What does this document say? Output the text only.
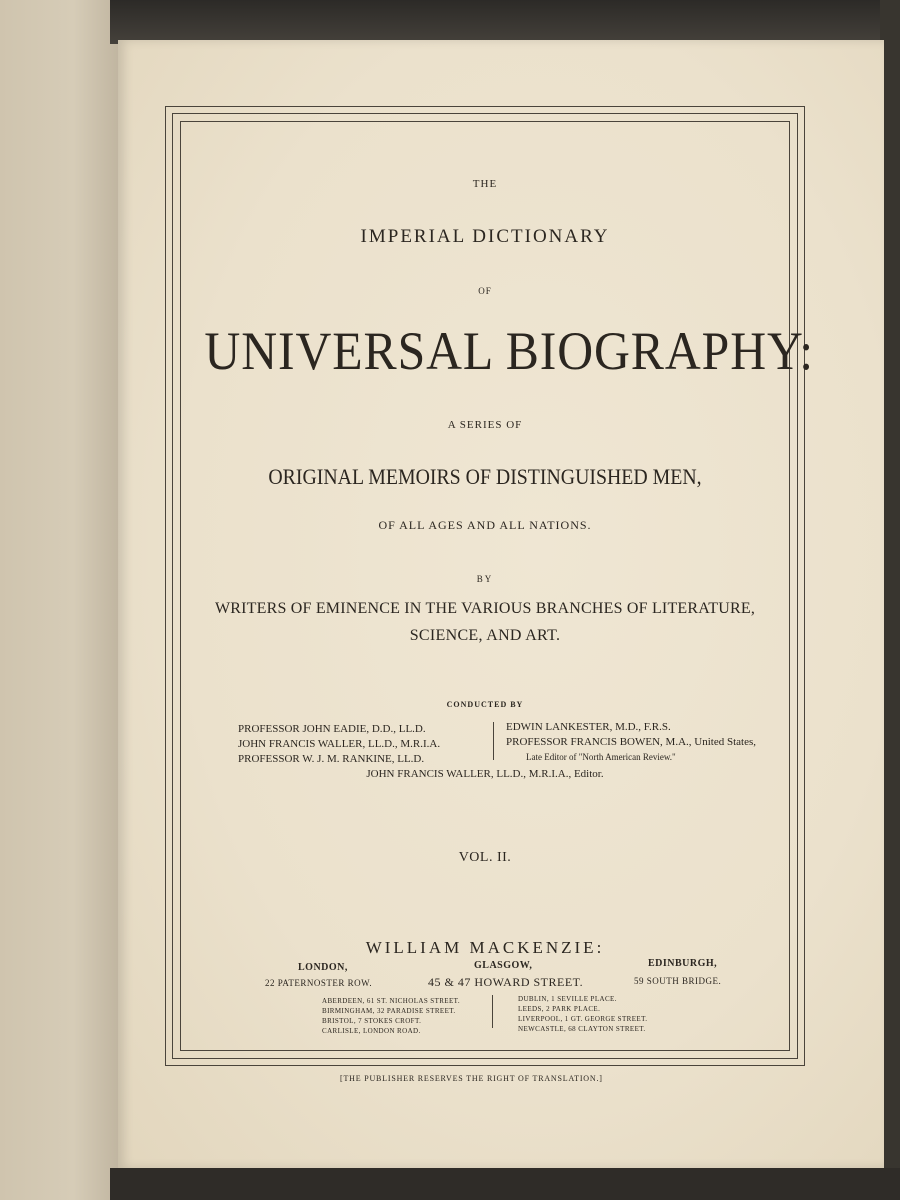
THE
IMPERIAL DICTIONARY
OF
UNIVERSAL BIOGRAPHY:
A SERIES OF
ORIGINAL MEMOIRS OF DISTINGUISHED MEN,
OF ALL AGES AND ALL NATIONS.
BY
WRITERS OF EMINENCE IN THE VARIOUS BRANCHES OF LITERATURE,
SCIENCE, AND ART.
CONDUCTED BY
PROFESSOR JOHN EADIE, D.D., LL.D.
JOHN FRANCIS WALLER, LL.D., M.R.I.A.
PROFESSOR W. J. M. RANKINE, LL.D.
EDWIN LANKESTER, M.D., F.R.S.
PROFESSOR FRANCIS BOWEN, M.A., United States,
Late Editor of "North American Review."
JOHN FRANCIS WALLER, LL.D., M.R.I.A., Editor.
VOL. II.
WILLIAM MACKENZIE:
LONDON,
22 PATERNOSTER ROW.
GLASGOW,
45 & 47 HOWARD STREET.
EDINBURGH,
59 SOUTH BRIDGE.
ABERDEEN, 61 ST. NICHOLAS STREET.
BIRMINGHAM, 32 PARADISE STREET.
BRISTOL, 7 STOKES CROFT.
CARLISLE, LONDON ROAD.
DUBLIN, 1 SEVILLE PLACE.
LEEDS, 2 PARK PLACE.
LIVERPOOL, 1 GT. GEORGE STREET.
NEWCASTLE, 68 CLAYTON STREET.
[THE PUBLISHER RESERVES THE RIGHT OF TRANSLATION.]
